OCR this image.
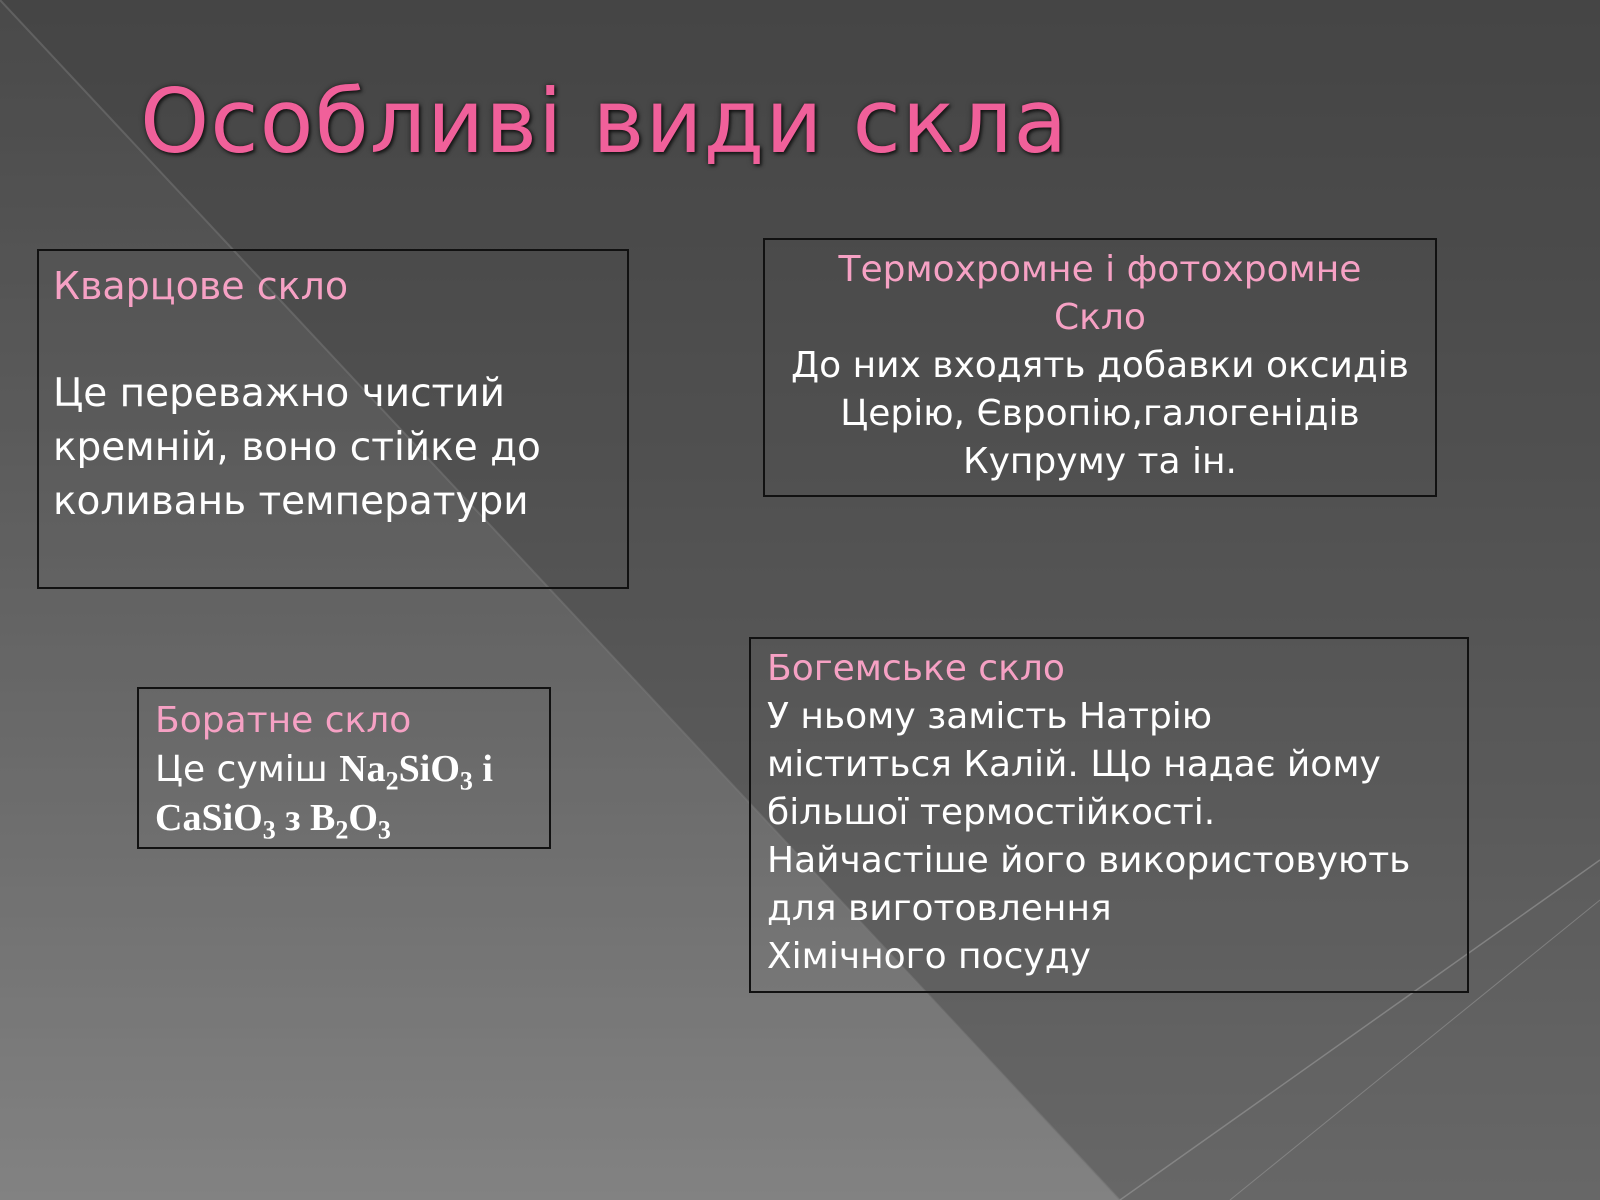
Особливі види скла
Кварцове скло
Це переважно чистий
кремній, воно стійке до
коливань температури
Термохромне і фотохромне
Скло
До них входять добавки оксидів
Церію, Європію,галогенідів
Купруму та ін.
Боратне скло
Це суміш $Na_2SiO_3$ і
CaSiO$_3$ з $B_2O_3$
Богемське скло
У ньому замість Натрію
міститься Калій. Що надає йому
більшої термостійкості.
Найчастіше його використовують
для виготовлення
Хімічного посуду
